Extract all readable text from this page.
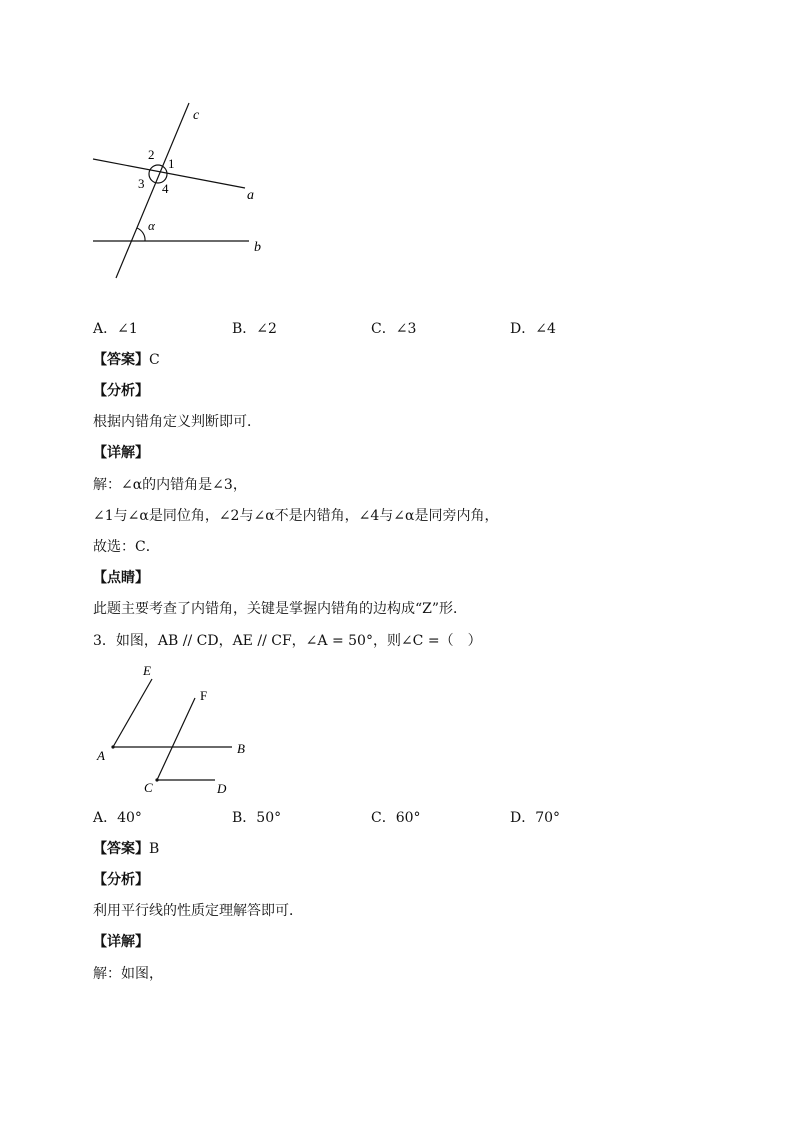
c
a
b
2
1
3 4
α
A．∠1	B．∠2	C．∠3	D．∠4
【答案】C
【分析】
根据内错角定义判断即可．
【详解】
解：∠α的内错角是∠3，
∠1与∠α是同位角，∠2与∠α不是内错角，∠4与∠α是同旁内角，
故选：C．
【点睛】
此题主要考查了内错角，关键是掌握内错角的边构成“Z”形．
3．如图，AB // CD，AE // CF，∠A = 50°，则∠C =（　）
E
F
A	B
C	D
A．40°	B．50°	C．60°	D．70°
【答案】B
【分析】
利用平行线的性质定理解答即可．
【详解】
解：如图，
